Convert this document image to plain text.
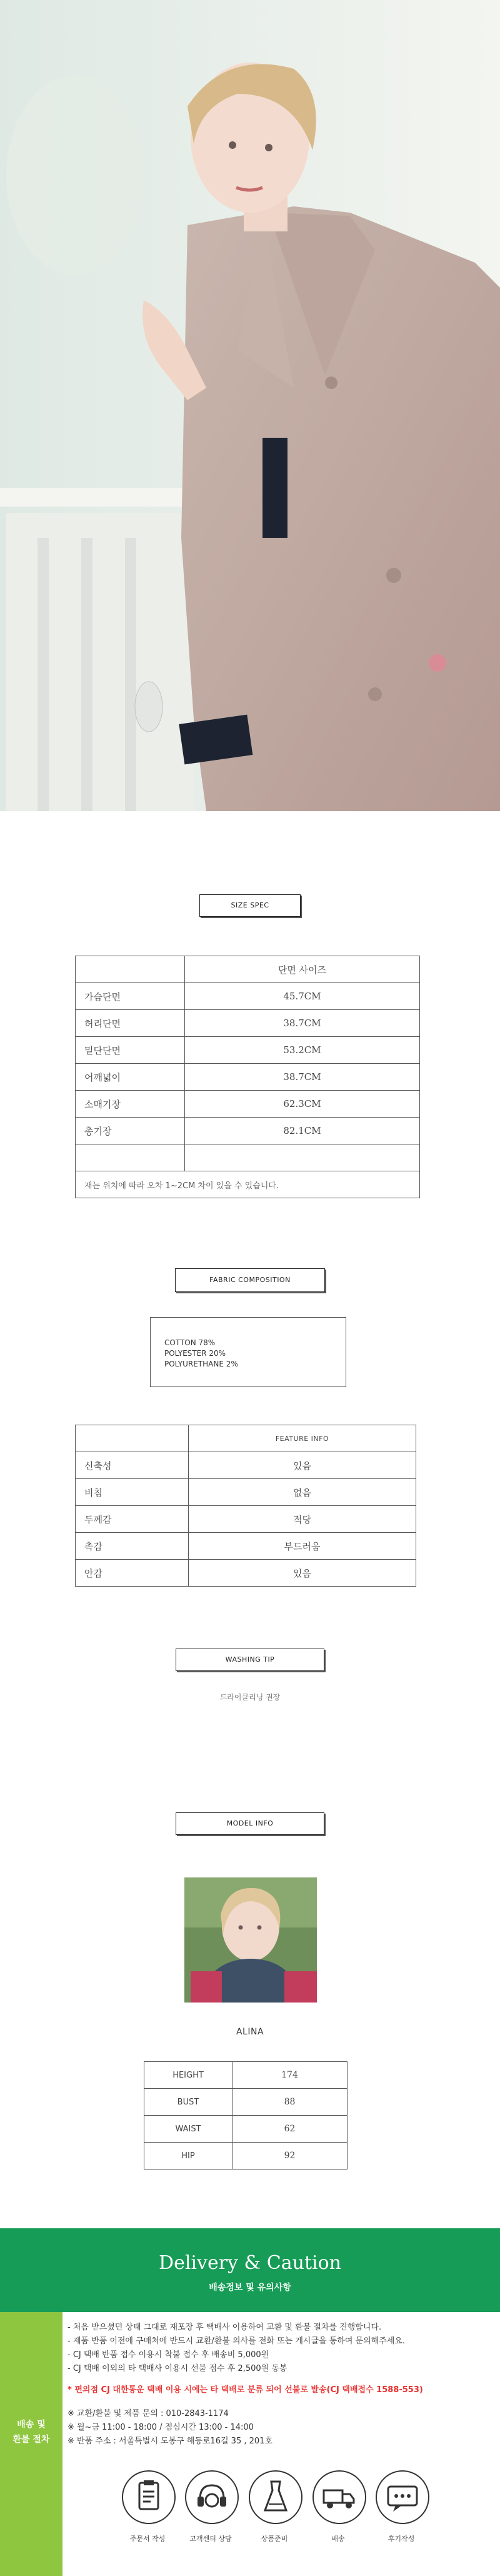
SIZE SPEC
	단면 사이즈
가슴단면	45.7CM
허리단면	38.7CM
밑단단면	53.2CM
어깨넓이	38.7CM
소매기장	62.3CM
총기장	82.1CM

재는 위치에 따라 오차 1~2CM 차이 있을 수 있습니다.	
FABRIC COMPOSITION
COTTON 78%
POLYESTER 20%
POLYURETHANE 2%
	FEATURE INFO
신축성	있음
비침	없음
두께감	적당
촉감	부드러움
안감	있음
WASHING TIP
드라이클리닝 권장
MODEL INFO
ALINA
HEIGHT	174
BUST	88
WAIST	62
HIP	92
Delivery & Caution
배송정보 및 유의사항
배송 및
환불 절차
- 처음 받으셨던 상태 그대로 재포장 후 택배사 이용하여 교환 및 환불 절차를 진행합니다.
- 제품 반품 이전에 구매처에 반드시 교환/환불 의사를 전화 또는 게시글을 통하여 문의해주세요.
- CJ 택배 반품 접수 이용시 착불 접수 후 배송비 5,000원
- CJ 택배 이외의 타 택배사 이용시 선불 접수 후 2,500원 동봉
* 편의점 CJ 대한통운 택배 이용 시에는 타 택배로 분류 되어 선불로 발송(CJ 택배접수 1588-553)
※ 교환/환불 및 제품 문의 : 010-2843-1174
※ 월~금 11:00 - 18:00 / 점심시간 13:00 - 14:00
※ 반품 주소 : 서울특별시 도봉구 해등로16길 35 , 201호
주문서 작성	고객센터 상담	상품준비	배송	후기작성
